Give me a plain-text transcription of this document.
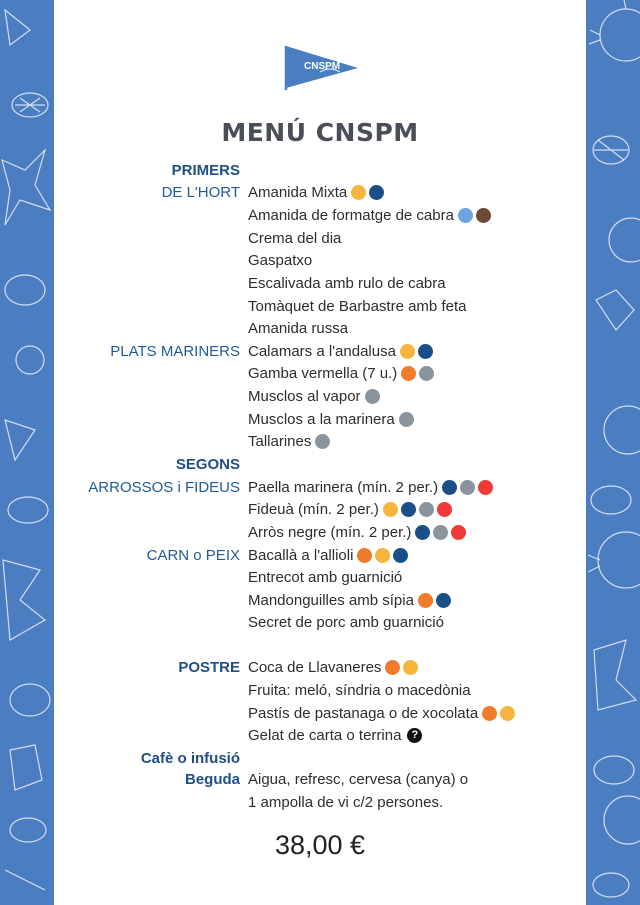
CNSPM
MENÚ CNSPM
PRIMERS
DE L'HORT Amanida Mixta
Amanida de formatge de cabra
Crema del dia
Gaspatxo
Escalivada amb rulo de cabra
Tomàquet de Barbastre amb feta
Amanida russa
PLATS MARINERS Calamars a l'andalusa
Gamba vermella (7 u.)
Musclos al vapor
Musclos a la marinera
Tallarines
SEGONS
ARROSSOS i FIDEUS Paella marinera (mín. 2 per.)
Fideuà (mín. 2 per.)
Arròs negre (mín. 2 per.)
CARN o PEIX Bacallà a l'allioli
Entrecot amb guarnició
Mandonguilles amb sípia
Secret de porc amb guarnició
POSTRE Coca de Llavaneres
Fruita: meló, síndria o macedònia
Pastís de pastanaga o de xocolata
Gelat de carta o terrina ?
Cafè o infusió
Beguda Aigua, refresc, cervesa (canya) o
1 ampolla de vi c/2 persones.
38,00 €
